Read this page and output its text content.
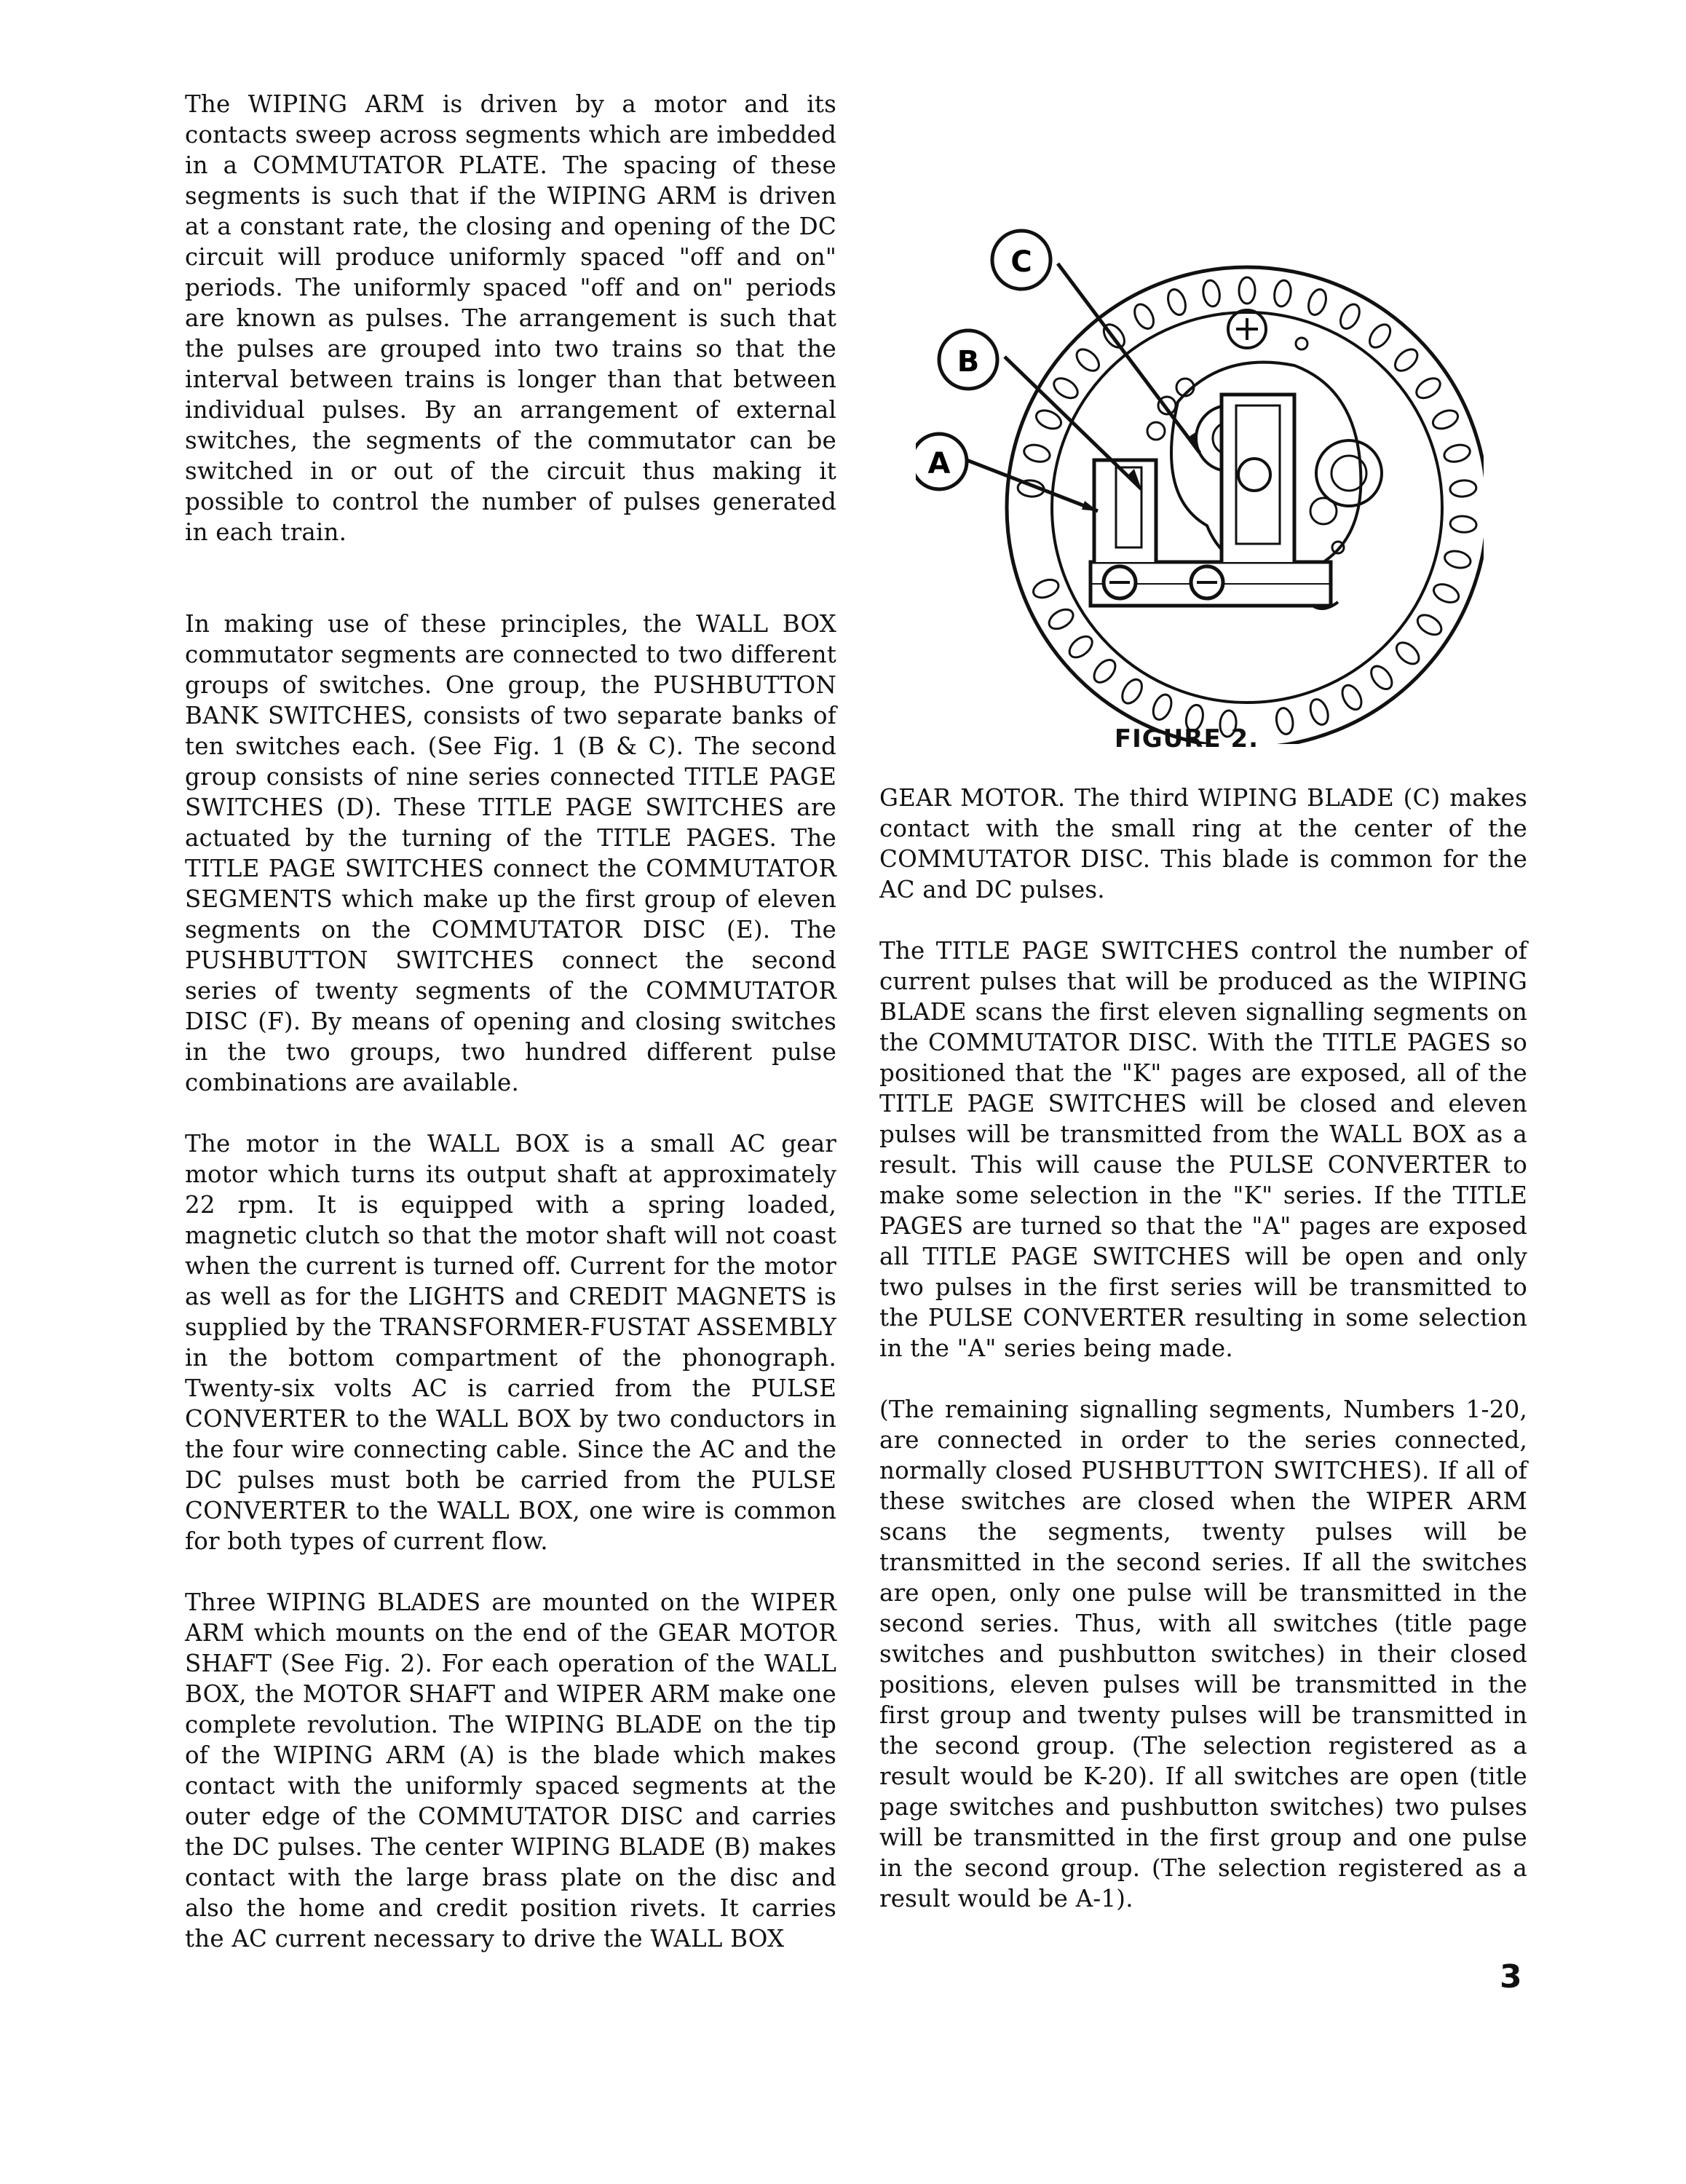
The WIPING ARM is driven by a motor and its contacts sweep across segments which are imbedded in a COMMUTATOR PLATE. The spacing of these segments is such that if the WIPING ARM is driven at a constant rate, the closing and opening of the DC circuit will produce uniformly spaced "off and on" periods. The uniformly spaced "off and on" periods are known as pulses. The arrangement is such that the pulses are grouped into two trains so that the interval between trains is longer than that between individual pulses. By an arrangement of external switches, the segments of the commutator can be switched in or out of the circuit thus making it possible to control the number of pulses generated in each train.

In making use of these principles, the WALL BOX commutator segments are connected to two different groups of switches. One group, the PUSHBUTTON BANK SWITCHES, consists of two separate banks of ten switches each. (See Fig. 1 (B & C). The second group consists of nine series connected TITLE PAGE SWITCHES (D). These TITLE PAGE SWITCHES are actuated by the turning of the TITLE PAGES. The TITLE PAGE SWITCHES connect the COMMUTATOR SEGMENTS which make up the first group of eleven segments on the COMMUTATOR DISC (E). The PUSHBUTTON SWITCHES connect the second series of twenty segments of the COMMUTATOR DISC (F). By means of opening and closing switches in the two groups, two hundred different pulse combinations are available.

The motor in the WALL BOX is a small AC gear motor which turns its output shaft at approximately 22 rpm. It is equipped with a spring loaded, magnetic clutch so that the motor shaft will not coast when the current is turned off. Current for the motor as well as for the LIGHTS and CREDIT MAGNETS is supplied by the TRANSFORMER-FUSTAT ASSEMBLY in the bottom compartment of the phonograph. Twenty-six volts AC is carried from the PULSE CONVERTER to the WALL BOX by two conductors in the four wire connecting cable. Since the AC and the DC pulses must both be carried from the PULSE CONVERTER to the WALL BOX, one wire is common for both types of current flow.

Three WIPING BLADES are mounted on the WIPER ARM which mounts on the end of the GEAR MOTOR SHAFT (See Fig. 2). For each operation of the WALL BOX, the MOTOR SHAFT and WIPER ARM make one complete revolution. The WIPING BLADE on the tip of the WIPING ARM (A) is the blade which makes contact with the uniformly spaced segments at the outer edge of the COMMUTATOR DISC and carries the DC pulses. The center WIPING BLADE (B) makes contact with the large brass plate on the disc and also the home and credit position rivets. It carries the AC current necessary to drive the WALL BOX

C
B
A
FIGURE 2.

GEAR MOTOR. The third WIPING BLADE (C) makes contact with the small ring at the center of the COMMUTATOR DISC. This blade is common for the AC and DC pulses.

The TITLE PAGE SWITCHES control the number of current pulses that will be produced as the WIPING BLADE scans the first eleven signalling segments on the COMMUTATOR DISC. With the TITLE PAGES so positioned that the "K" pages are exposed, all of the TITLE PAGE SWITCHES will be closed and eleven pulses will be transmitted from the WALL BOX as a result. This will cause the PULSE CONVERTER to make some selection in the "K" series. If the TITLE PAGES are turned so that the "A" pages are exposed all TITLE PAGE SWITCHES will be open and only two pulses in the first series will be transmitted to the PULSE CONVERTER resulting in some selection in the "A" series being made.

(The remaining signalling segments, Numbers 1-20, are connected in order to the series connected, normally closed PUSHBUTTON SWITCHES). If all of these switches are closed when the WIPER ARM scans the segments, twenty pulses will be transmitted in the second series. If all the switches are open, only one pulse will be transmitted in the second series. Thus, with all switches (title page switches and pushbutton switches) in their closed positions, eleven pulses will be transmitted in the first group and twenty pulses will be transmitted in the second group. (The selection registered as a result would be K-20). If all switches are open (title page switches and pushbutton switches) two pulses will be transmitted in the first group and one pulse in the second group. (The selection registered as a result would be A-1).

3
